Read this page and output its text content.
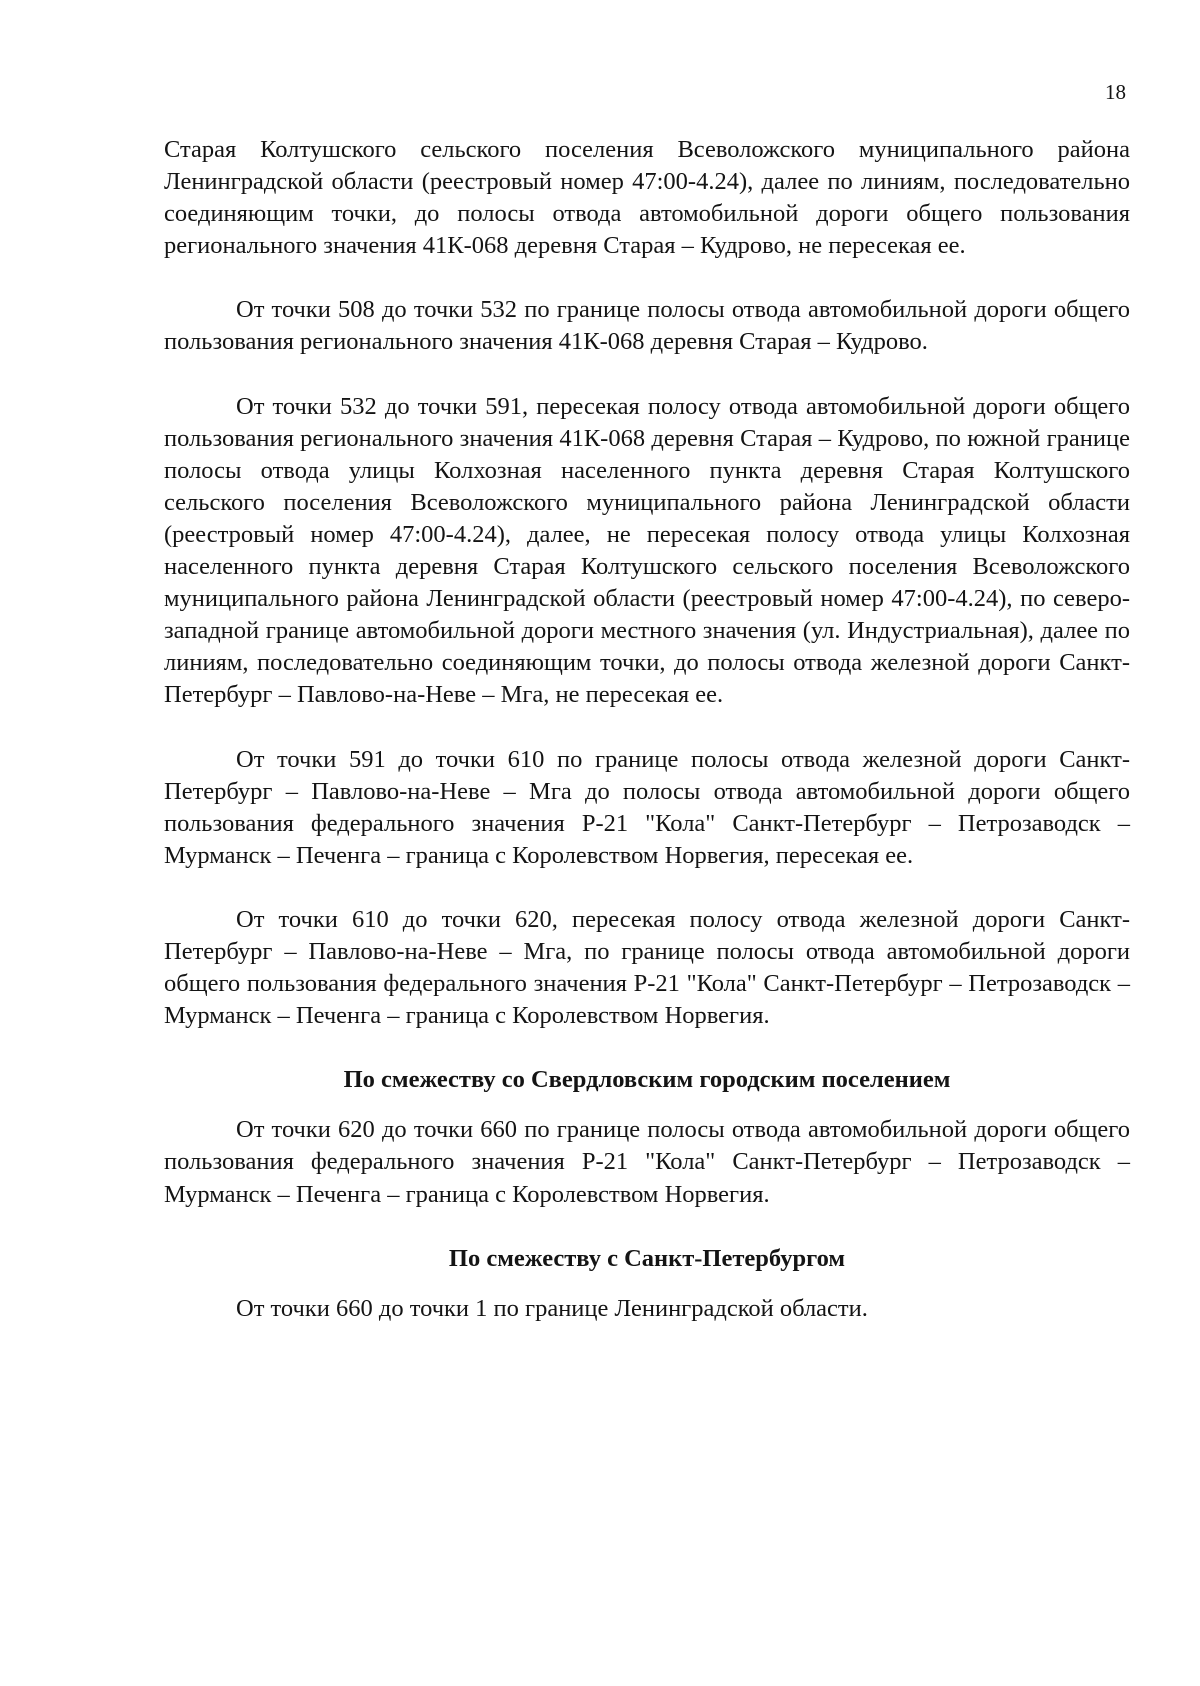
18

Старая Колтушского сельского поселения Всеволожского муниципального района Ленинградской области (реестровый номер 47:00-4.24), далее по линиям, последовательно соединяющим точки, до полосы отвода автомобильной дороги общего пользования регионального значения 41К-068 деревня Старая – Кудрово, не пересекая ее.

От точки 508 до точки 532 по границе полосы отвода автомобильной дороги общего пользования регионального значения 41К-068 деревня Старая – Кудрово.

От точки 532 до точки 591, пересекая полосу отвода автомобильной дороги общего пользования регионального значения 41К-068 деревня Старая – Кудрово, по южной границе полосы отвода улицы Колхозная населенного пункта деревня Старая Колтушского сельского поселения Всеволожского муниципального района Ленинградской области (реестровый номер 47:00-4.24), далее, не пересекая полосу отвода улицы Колхозная населенного пункта деревня Старая Колтушского сельского поселения Всеволожского муниципального района Ленинградской области (реестровый номер 47:00-4.24), по северо-западной границе автомобильной дороги местного значения (ул. Индустриальная), далее по линиям, последовательно соединяющим точки, до полосы отвода железной дороги Санкт-Петербург – Павлово-на-Неве – Мга, не пересекая ее.

От точки 591 до точки 610 по границе полосы отвода железной дороги Санкт-Петербург – Павлово-на-Неве – Мга до полосы отвода автомобильной дороги общего пользования федерального значения Р-21 "Кола" Санкт-Петербург – Петрозаводск – Мурманск – Печенга – граница с Королевством Норвегия, пересекая ее.

От точки 610 до точки 620, пересекая полосу отвода железной дороги Санкт-Петербург – Павлово-на-Неве – Мга, по границе полосы отвода автомобильной дороги общего пользования федерального значения Р-21 "Кола" Санкт-Петербург – Петрозаводск – Мурманск – Печенга – граница с Королевством Норвегия.

По смежеству со Свердловским городским поселением

От точки 620 до точки 660 по границе полосы отвода автомобильной дороги общего пользования федерального значения Р-21 "Кола" Санкт-Петербург – Петрозаводск – Мурманск – Печенга – граница с Королевством Норвегия.

По смежеству с Санкт-Петербургом

От точки 660 до точки 1 по границе Ленинградской области.
